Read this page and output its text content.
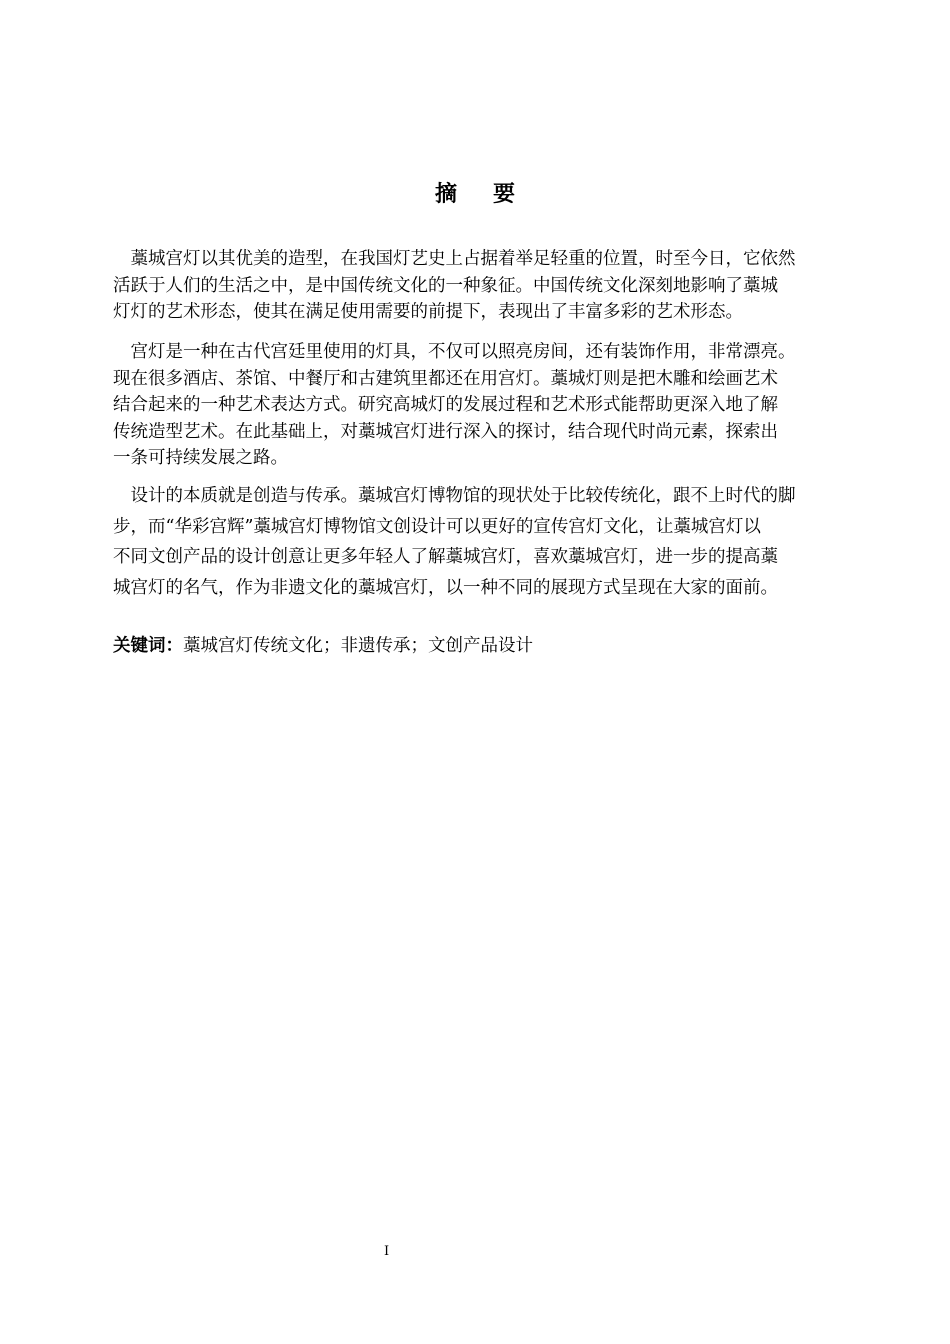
摘要
　藁城宫灯以其优美的造型，在我国灯艺史上占据着举足轻重的位置，时至今日，它依然
活跃于人们的生活之中，是中国传统文化的一种象征。中国传统文化深刻地影响了藁城
灯灯的艺术形态，使其在满足使用需要的前提下，表现出了丰富多彩的艺术形态。
　宫灯是一种在古代宫廷里使用的灯具，不仅可以照亮房间，还有装饰作用，非常漂亮。
现在很多酒店、茶馆、中餐厅和古建筑里都还在用宫灯。藁城灯则是把木雕和绘画艺术
结合起来的一种艺术表达方式。研究高城灯的发展过程和艺术形式能帮助更深入地了解
传统造型艺术。在此基础上，对藁城宫灯进行深入的探讨，结合现代时尚元素，探索出
一条可持续发展之路。
　设计的本质就是创造与传承。藁城宫灯博物馆的现状处于比较传统化，跟不上时代的脚
步，而“华彩宫辉”藁城宫灯博物馆文创设计可以更好的宣传宫灯文化，让藁城宫灯以
不同文创产品的设计创意让更多年轻人了解藁城宫灯，喜欢藁城宫灯，进一步的提高藁
城宫灯的名气，作为非遗文化的藁城宫灯，以一种不同的展现方式呈现在大家的面前。
关键词：藁城宫灯传统文化；非遗传承；文创产品设计
I
